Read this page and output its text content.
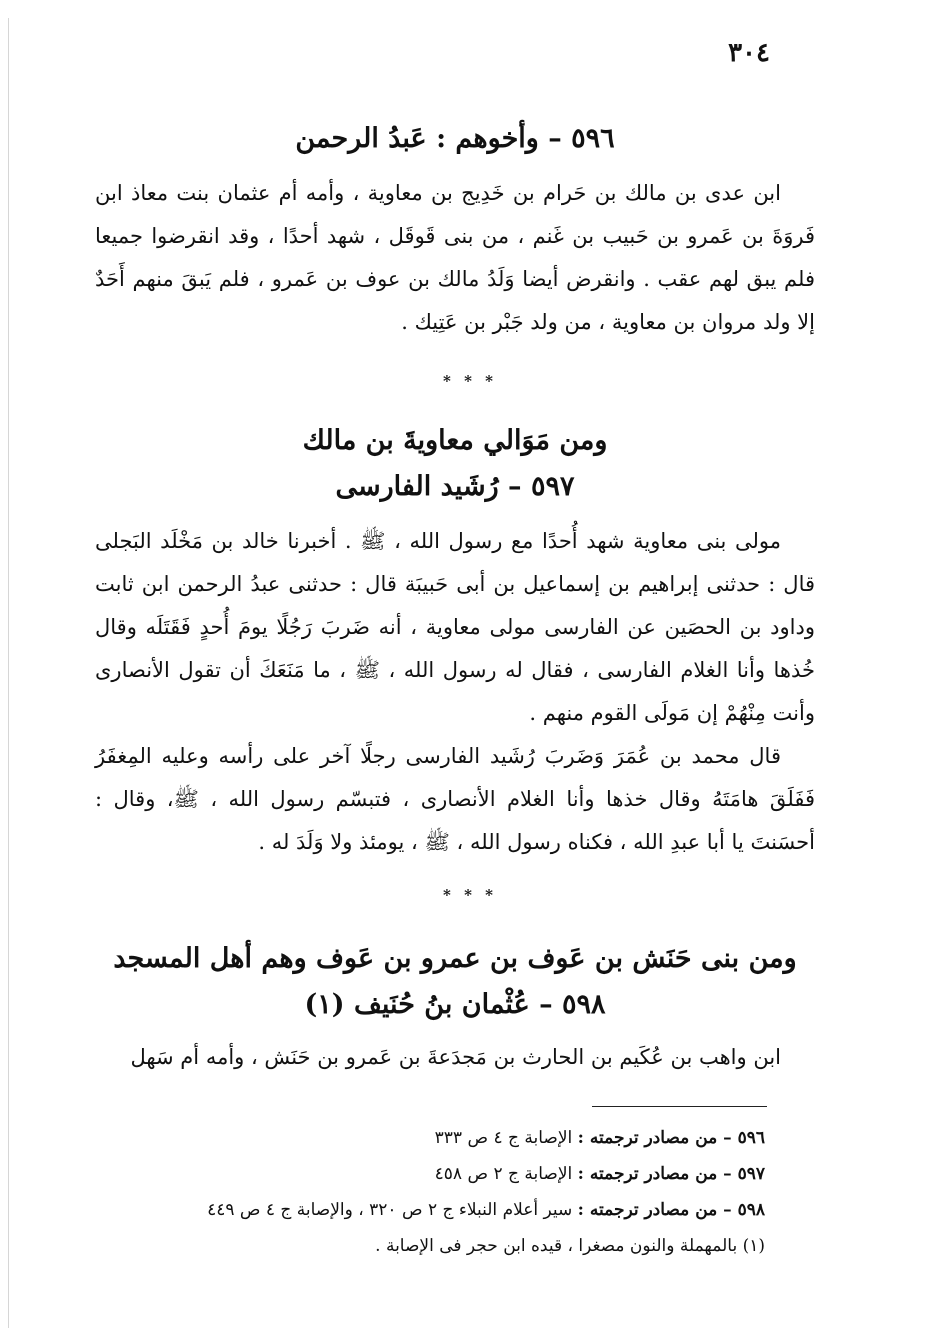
٣٠٤
٥٩٦ – وأخوهم : عَبدُ الرحمن

ابن عدى بن مالك بن حَرام بن خَدِيج بن معاوية ، وأمه أم عثمان بنت معاذ ابن فَروَةَ بن عَمرو بن حَبيب بن غَنم ، من بنى قَوقَل ، شهد أحدًا ، وقد انقرضوا جميعا فلم يبق لهم عقب . وانقرض أيضا وَلَدُ مالك بن عوف بن عَمرو ، فلم يَبقَ منهم أَحَدٌ إلا ولد مروان بن معاوية ، من ولد جَبْر بن عَتِيك .

* * *
ومن مَوَالي معاويةَ بن مالك
٥٩٧ – رُشَيد الفارسى

مولى بنى معاوية شهد أُحدًا مع رسول الله ، ﷺ . أخبرنا خالد بن مَخْلَد البَجلى قال : حدثنى إبراهيم بن إسماعيل بن أبى حَبيبَة قال : حدثنى عبدُ الرحمن ابن ثابت وداود بن الحصَين عن الفارسى مولى معاوية ، أنه ضَربَ رَجُلًا يومَ أُحدٍ فَقَتَلَه وقال خُذها وأنا الغلام الفارسى ، فقال له رسول الله ، ﷺ ، ما مَنَعَكَ أن تقول الأنصارى وأنت مِنْهُمْ إن مَولَى القوم منهم .

قال محمد بن عُمَرَ وَضَربَ رُشَيد الفارسى رجلًا آخر على رأسه وعليه المِغفَرُ فَفَلَقَ هامَتَهُ وقال خذها وأنا الغلام الأنصارى ، فتبسّم رسول الله ، ﷺ، وقال : أحسَنتَ يا أبا عبدِ الله ، فكناه رسول الله ، ﷺ ، يومئذ ولا وَلَدَ له .

* * *
ومن بنى حَنَش بن عَوف بن عمرو بن عَوف وهم أهل المسجد
٥٩٨ – عُثْمان بنُ حُنَيف (١)

ابن واهب بن عُكَيم بن الحارث بن مَجدَعةَ بن عَمرو بن حَنَش ، وأمه أم سَهل

٥٩٦ – من مصادر ترجمته : الإصابة ج ٤ ص ٣٣٣

٥٩٧ – من مصادر ترجمته : الإصابة ج ٢ ص ٤٥٨

٥٩٨ – من مصادر ترجمته : سير أعلام النبلاء ج ٢ ص ٣٢٠ ، والإصابة ج ٤ ص ٤٤٩

(١) بالمهملة والنون مصغرا ، قيده ابن حجر فى الإصابة .
